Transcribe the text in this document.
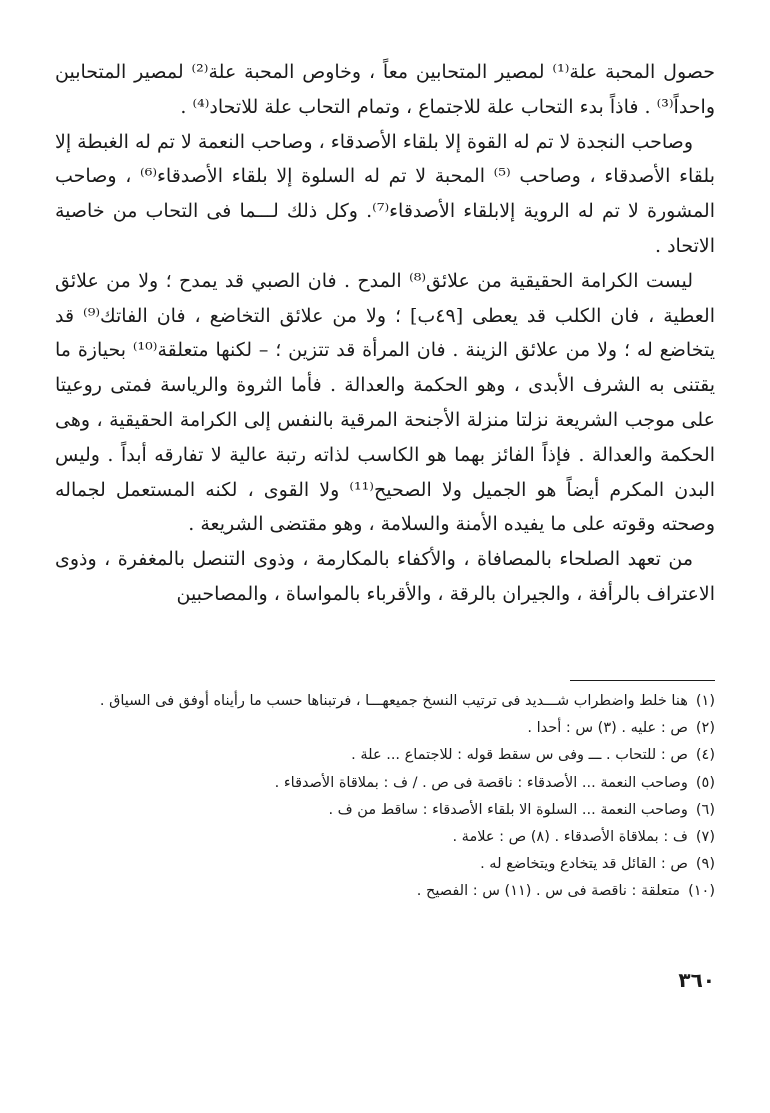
حصول المحبة علة⁽¹⁾ لمصير المتحابين معاً ، وخاوص المحبة علة⁽²⁾ لمصير المتحابين واحداً⁽³⁾ . فاذاً بدء التحاب علة للاجتماع ، وتمام التحاب علة للاتحاد⁽⁴⁾ .

وصاحب النجدة لا تم له القوة إلا بلقاء الأصدقاء ، وصاحب النعمة لا تم له الغبطة إلا بلقاء الأصدقاء ، وصاحب ⁽⁵⁾ المحبة لا تم له السلوة إلا بلقاء الأصدقاء⁽⁶⁾ ، وصاحب المشورة لا تم له الروية إلابلقاء الأصدقاء⁽⁷⁾. وكل ذلك لـــما فى التحاب من خاصية الاتحاد .

ليست الكرامة الحقيقية من علائق⁽⁸⁾ المدح . فان الصبي قد يمدح ؛ ولا من علائق العطية ، فان الكلب قد يعطى [٤٩ب] ؛ ولا من علائق التخاضع ، فان الفاتك⁽⁹⁾ قد يتخاضع له ؛ ولا من علائق الزينة . فان المرأة قد تتزين ؛ – لكنها متعلقة⁽¹⁰⁾ بحيازة ما يقتنى به الشرف الأبدى ، وهو الحكمة والعدالة . فأما الثروة والرياسة فمتى روعيتا على موجب الشريعة نزلتا منزلة الأجنحة المرقية بالنفس إلى الكرامة الحقيقية ، وهى الحكمة والعدالة . فإذاً الفائز بهما هو الكاسب لذاته رتبة عالية لا تفارقه أبداً . وليس البدن المكرم أيضاً هو الجميل ولا الصحيح⁽¹¹⁾ ولا القوى ، لكنه المستعمل لجماله وصحته وقوته على ما يفيده الأمنة والسلامة ، وهو مقتضى الشريعة .

من تعهد الصلحاء بالمصافاة ، والأكفاء بالمكارمة ، وذوى التنصل بالمغفرة ، وذوى الاعتراف بالرأفة ، والجيران بالرقة ، والأقرباء بالمواساة ، والمصاحبين

(١)
هنا خلط واضطراب شـــديد فى ترتيب النسخ جميعهـــا ، فرتبناها حسب ما رأيناه أوفق فى السياق .
(٢)
ص : عليه . (٣) س : أحدا .
(٤)
ص : للتحاب . ـــ وفى س سقط قوله : للاجتماع ... علة .
(٥)
وصاحب النعمة ... الأصدقاء : ناقصة فى ص . / ف : بملاقاة الأصدقاء .
(٦)
وصاحب النعمة ... السلوة الا بلقاء الأصدقاء : ساقط من ف .
(٧)
ف : بملاقاة الأصدقاء . (٨) ص : علامة .
(٩)
ص : القائل قد يتخادع ويتخاضع له .
(١٠)
متعلقة : ناقصة فى س . (١١) س : الفصيح .
٣٦٠
